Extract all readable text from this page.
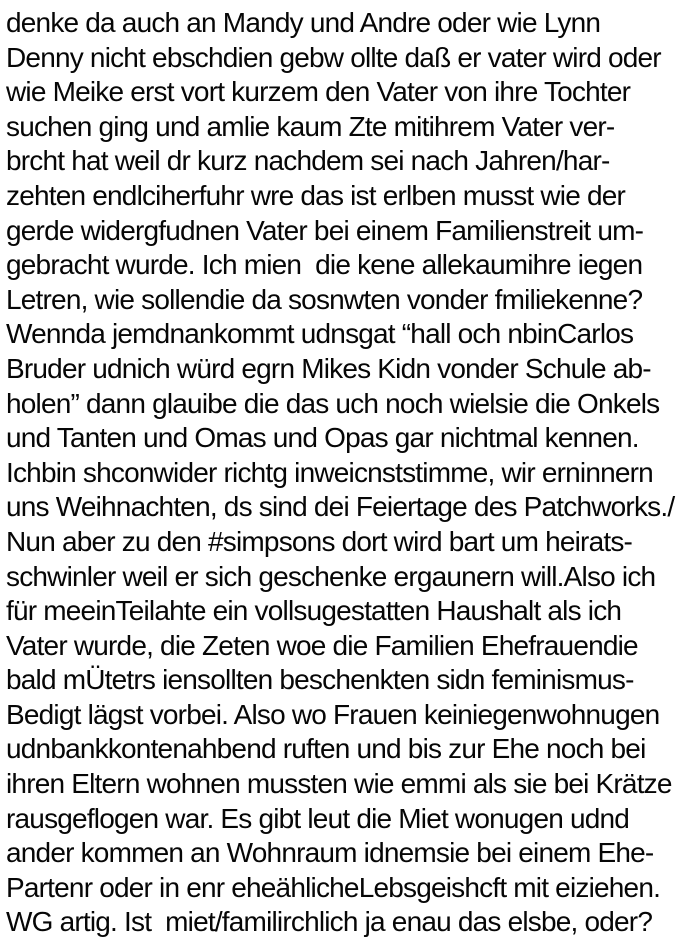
denke da auch an Mandy und Andre oder wie Lynn
Denny nicht ebschdien gebw ollte daß er vater wird oder
wie Meike erst vort kurzem den Vater von ihre Tochter
suchen ging und amlie kaum Zte mitihrem Vater ver-
brcht hat weil dr kurz nachdem sei nach Jahren/har-
zehten endlciherfuhr wre das ist erlben musst wie der
gerde widergfudnen Vater bei einem Familienstreit um-
gebracht wurde. Ich mien  die kene allekaumihre iegen
Letren, wie sollendie da sosnwten vonder fmiliekenne?
Wennda jemdnankommt udnsgat “hall och nbinCarlos
Bruder udnich würd egrn Mikes Kidn vonder Schule ab-
holen” dann glauibe die das uch noch wielsie die Onkels
und Tanten und Omas und Opas gar nichtmal kennen.
Ichbin shconwider richtg inweicnststimme, wir erninnern
uns Weihnachten, ds sind dei Feiertage des Patchworks./
Nun aber zu den #simpsons dort wird bart um heirats-
schwinler weil er sich geschenke ergaunern will.Also ich
für meeinTeilahte ein vollsugestatten Haushalt als ich
Vater wurde, die Zeten woe die Familien Ehefrauendie
bald mÜtetrs iensollten beschenkten sidn feminismus-
Bedigt lägst vorbei. Also wo Frauen keiniegenwohnugen
udnbankkontenahbend ruften und bis zur Ehe noch bei
ihren Eltern wohnen mussten wie emmi als sie bei Krätze
rausgeflogen war. Es gibt leut die Miet wonugen udnd
ander kommen an Wohnraum idnemsie bei einem Ehe-
Partenr oder in enr eheählicheLebsgeishcft mit eiziehen.
WG artig. Ist  miet/familirchlich ja enau das elsbe, oder?
